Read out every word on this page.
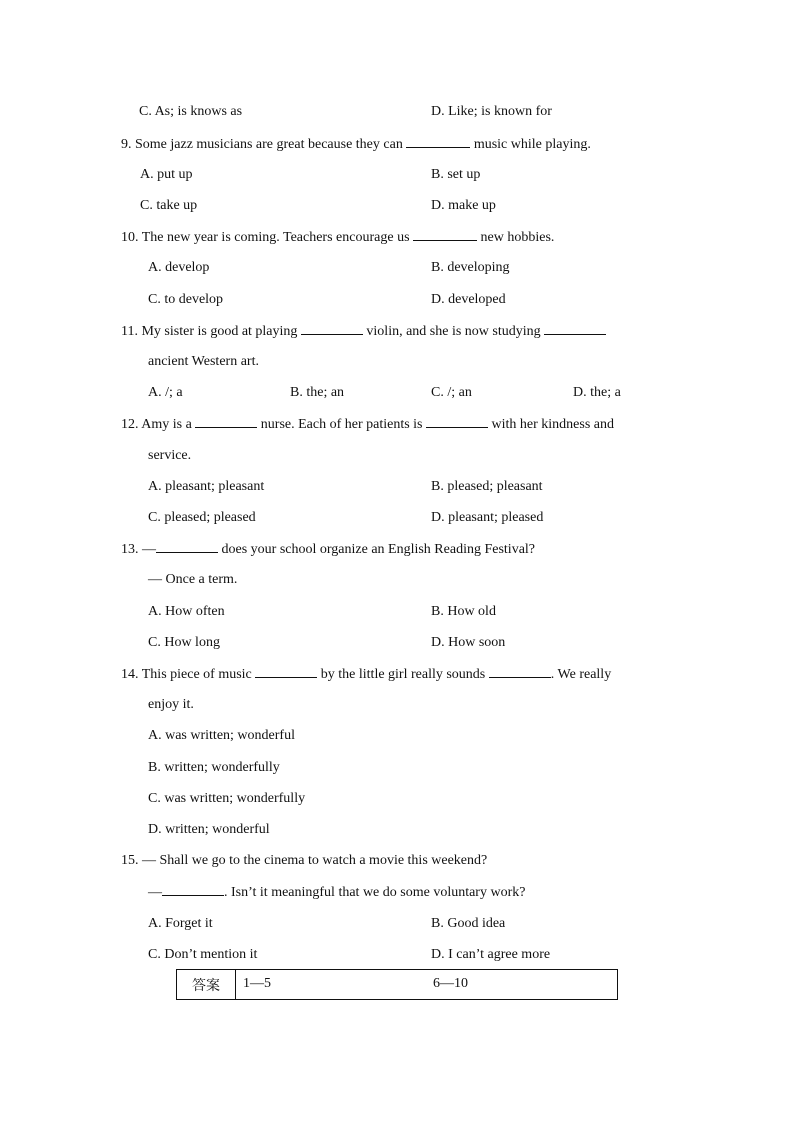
C. As; is knows as	D. Like; is known for
9. Some jazz musicians are great because they can	music while playing.
A. put up	B. set up
C. take up	D. make up
10. The new year is coming. Teachers encourage us	new hobbies.
A. develop	B. developing
C. to develop	D. developed
11. My sister is good at playing	violin, and she is now studying
ancient Western art.
A. /; a	B. the; an	C. /; an	D. the; a
12. Amy is a	nurse. Each of her patients is	with her kindness and
service.
A. pleasant; pleasant	B. pleased; pleasant
C. pleased; pleased	D. pleasant; pleased
13. —	does your school organize an English Reading Festival?
— Once a term.
A. How often	B. How old
C. How long	D. How soon
14. This piece of music	by the little girl really sounds	. We really
enjoy it.
A. was written; wonderful
B. written; wonderfully
C. was written; wonderfully
D. written; wonderful
15. — Shall we go to the cinema to watch a movie this weekend?
—	. Isn’t it meaningful that we do some voluntary work?
A. Forget it	B. Good idea
C. Don’t mention it	D. I can’t agree more
答案	1—5	6—10
